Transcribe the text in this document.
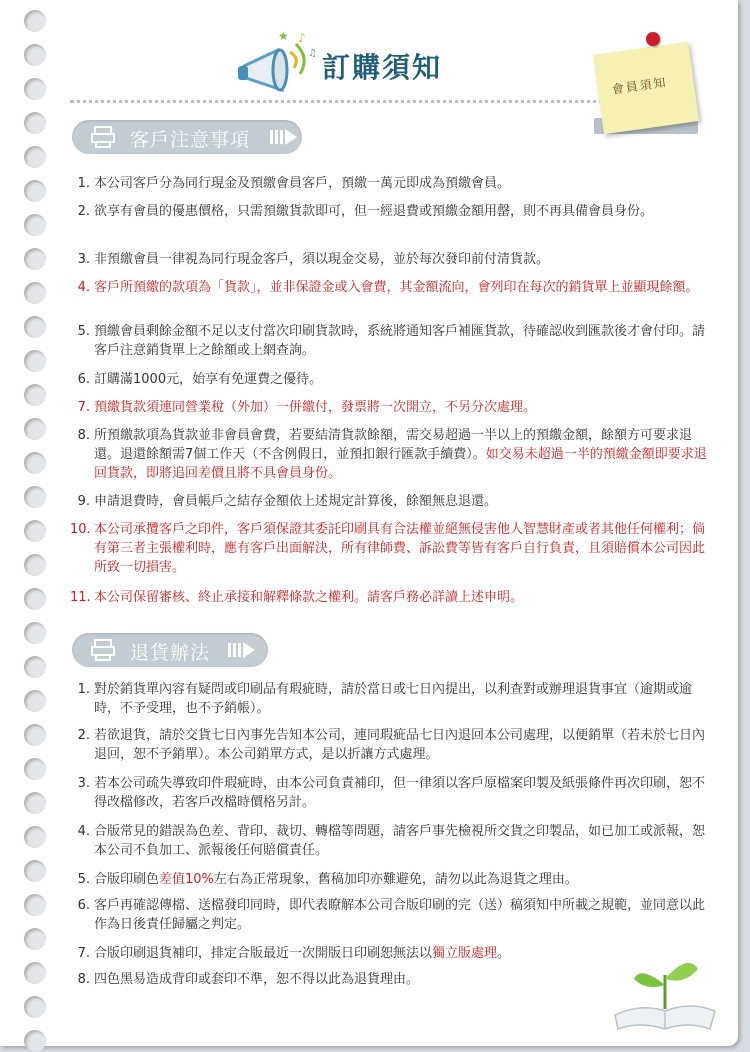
♪
♫
★
訂購須知
會員須知
客戶注意事項
1. 本公司客戶分為同行現金及預繳會員客戶，預繳一萬元即成為預繳會員。
2. 欲享有會員的優惠價格，只需預繳貨款即可，但一經退費或預繳金額用罄，則不再具備會員身份。
3. 非預繳會員一律視為同行現金客戶，須以現金交易，並於每次發印前付清貨款。
4. 客戶所預繳的款項為「貨款」，並非保證金或入會費，其金額流向，會列印在每次的銷貨單上並顯現餘額。
5. 預繳會員剩餘金額不足以支付當次印刷貨款時，系統將通知客戶補匯貨款，待確認收到匯款後才會付印。請客戶注意銷貨單上之餘額或上網查詢。
6. 訂購滿1000元，始享有免運費之優待。
7. 預繳貨款須連同營業稅（外加）一併繳付，發票將一次開立，不另分次處理。
8. 所預繳款項為貨款並非會員會費，若要結清貨款餘額，需交易超過一半以上的預繳金額，餘額方可要求退還。退還餘額需7個工作天（不含例假日，並預扣銀行匯款手續費）。如交易未超過一半的預繳金額即要求退回貨款，即將追回差價且將不具會員身份。
9. 申請退費時，會員帳戶之結存金額依上述規定計算後，餘額無息退還。
10. 本公司承攬客戶之印件，客戶須保證其委託印刷具有合法權並絕無侵害他人智慧財產或者其他任何權利；倘有第三者主張權利時，應有客戶出面解決，所有律師費、訴訟費等皆有客戶自行負責，且須賠償本公司因此所致一切損害。
11. 本公司保留審核、終止承接和解釋條款之權利。請客戶務必詳讀上述申明。
退貨辦法
1. 對於銷貨單內容有疑問或印刷品有瑕疵時，請於當日或七日內提出，以利查對或辦理退貨事宜（逾期或逾時，不予受理，也不予銷帳）。
2. 若欲退貨，請於交貨七日內事先告知本公司，連同瑕疵品七日內退回本公司處理，以便銷單（若未於七日內退回，恕不予銷單）。本公司銷單方式，是以折讓方式處理。
3. 若本公司疏失導致印件瑕疵時，由本公司負責補印，但一律須以客戶原檔案印製及紙張條件再次印刷，恕不得改檔修改，若客戶改檔時價格另計。
4. 合版常見的錯誤為色差、背印、裁切、轉檔等問題，請客戶事先檢視所交貨之印製品，如已加工或派報，恕本公司不負加工、派報後任何賠償責任。
5. 合版印刷色差值10%左右為正常現象，舊稿加印亦難避免，請勿以此為退貨之理由。
6. 客戶再確認傳檔、送檔發印同時，即代表瞭解本公司合版印刷的完（送）稿須知中所載之規範，並同意以此作為日後責任歸屬之判定。
7. 合版印刷退貨補印，排定合版最近一次開版日印刷恕無法以獨立版處理。
8. 四色黑易造成背印或套印不準，恕不得以此為退貨理由。
